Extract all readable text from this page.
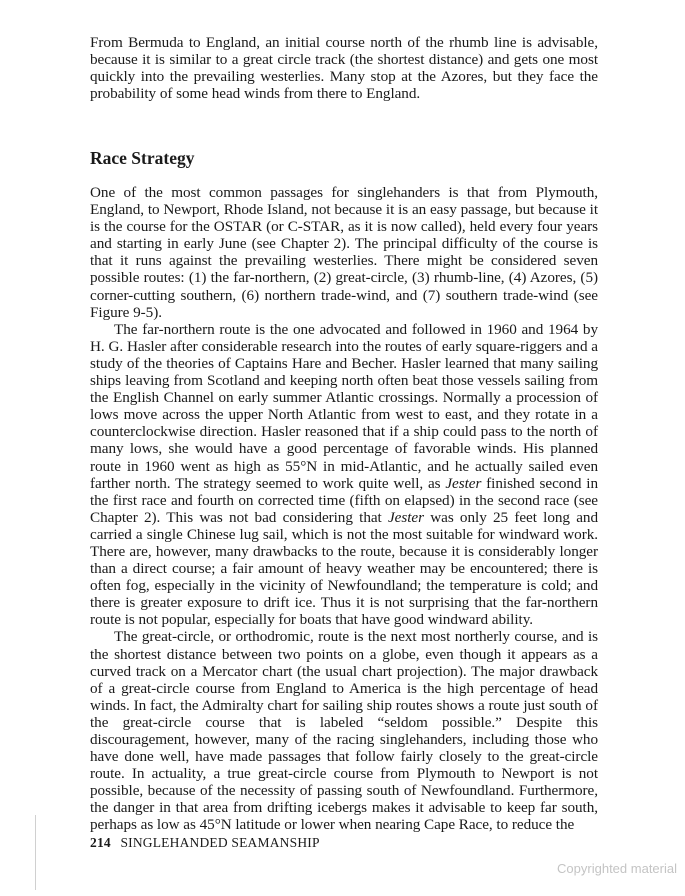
From Bermuda to England, an initial course north of the rhumb line is advisable, because it is similar to a great circle track (the shortest distance) and gets one most quickly into the prevailing westerlies. Many stop at the Azores, but they face the probability of some head winds from there to England.

Race Strategy

One of the most common passages for singlehanders is that from Plymouth, England, to Newport, Rhode Island, not because it is an easy passage, but because it is the course for the OSTAR (or C-STAR, as it is now called), held every four years and starting in early June (see Chapter 2). The principal difficulty of the course is that it runs against the prevailing westerlies. There might be considered seven possible routes: (1) the far-northern, (2) great-circle, (3) rhumb-line, (4) Azores, (5) corner-cutting southern, (6) northern trade-wind, and (7) southern trade-wind (see Figure 9-5).

The far-northern route is the one advocated and followed in 1960 and 1964 by H. G. Hasler after considerable research into the routes of early square-riggers and a study of the theories of Captains Hare and Becher. Hasler learned that many sailing ships leaving from Scotland and keeping north often beat those vessels sailing from the English Channel on early summer Atlantic crossings. Normally a procession of lows move across the upper North Atlantic from west to east, and they rotate in a counterclockwise direction. Hasler reasoned that if a ship could pass to the north of many lows, she would have a good percentage of favorable winds. His planned route in 1960 went as high as 55°N in mid-Atlantic, and he actually sailed even farther north. The strategy seemed to work quite well, as Jester finished second in the first race and fourth on corrected time (fifth on elapsed) in the second race (see Chapter 2). This was not bad considering that Jester was only 25 feet long and carried a single Chinese lug sail, which is not the most suitable for windward work. There are, however, many drawbacks to the route, because it is considerably longer than a direct course; a fair amount of heavy weather may be encountered; there is often fog, especially in the vicinity of Newfoundland; the temperature is cold; and there is greater exposure to drift ice. Thus it is not surprising that the far-northern route is not popular, especially for boats that have good windward ability.

The great-circle, or orthodromic, route is the next most northerly course, and is the shortest distance between two points on a globe, even though it appears as a curved track on a Mercator chart (the usual chart projection). The major drawback of a great-circle course from England to America is the high percentage of head winds. In fact, the Admiralty chart for sailing ship routes shows a route just south of the great-circle course that is labeled “seldom possible.” Despite this discouragement, however, many of the racing singlehanders, including those who have done well, have made passages that follow fairly closely to the great-circle route. In actuality, a true great-circle course from Plymouth to Newport is not possible, because of the necessity of passing south of Newfoundland. Furthermore, the danger in that area from drifting icebergs makes it advisable to keep far south, perhaps as low as 45°N latitude or lower when nearing Cape Race, to reduce the

214 SINGLEHANDED SEAMANSHIP
Copyrighted material
